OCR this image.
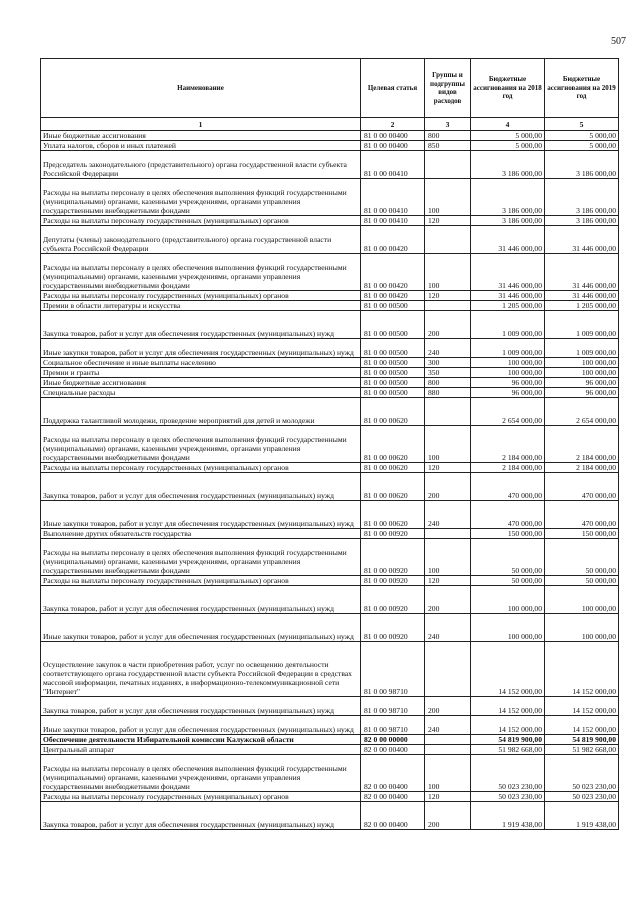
507
Наименование	Целевая статья	Группы и подгруппы видов расходов	Бюджетные ассигнования на 2018 год	Бюджетные ассигнования на 2019 год
1	2	3	4	5
Иные бюджетные ассигнования	81 0 00 00400	800	5 000,00	5 000,00
Уплата налогов, сборов и иных платежей	81 0 00 00400	850	5 000,00	5 000,00
Председатель законодательного (представительного) органа государственной власти субъекта Российской Федерации	81 0 00 00410		3 186 000,00	3 186 000,00
Расходы на выплаты персоналу в целях обеспечения выполнения функций государственными (муниципальными) органами, казенными учреждениями, органами управления государственными внебюджетными фондами	81 0 00 00410	100	3 186 000,00	3 186 000,00
Расходы на выплаты персоналу государственных (муниципальных) органов	81 0 00 00410	120	3 186 000,00	3 186 000,00
Депутаты (члены) законодательного (представительного) органа государственной власти субъекта Российской Федерации	81 0 00 00420		31 446 000,00	31 446 000,00
Расходы на выплаты персоналу в целях обеспечения выполнения функций государственными (муниципальными) органами, казенными учреждениями, органами управления государственными внебюджетными фондами	81 0 00 00420	100	31 446 000,00	31 446 000,00
Расходы на выплаты персоналу государственных (муниципальных) органов	81 0 00 00420	120	31 446 000,00	31 446 000,00
Премии в области литературы и искусства	81 0 00 00500		1 205 000,00	1 205 000,00
Закупка товаров, работ и услуг для обеспечения государственных (муниципальных) нужд	81 0 00 00500	200	1 009 000,00	1 009 000,00
Иные закупки товаров, работ и услуг для обеспечения государственных (муниципальных) нужд	81 0 00 00500	240	1 009 000,00	1 009 000,00
Социальное обеспечение и иные выплаты населению	81 0 00 00500	300	100 000,00	100 000,00
Премии и гранты	81 0 00 00500	350	100 000,00	100 000,00
Иные бюджетные ассигнования	81 0 00 00500	800	96 000,00	96 000,00
Специальные расходы	81 0 00 00500	880	96 000,00	96 000,00
Поддержка талантливой молодежи, проведение мероприятий для детей и молодежи	81 0 00 00620		2 654 000,00	2 654 000,00
Расходы на выплаты персоналу в целях обеспечения выполнения функций государственными (муниципальными) органами, казенными учреждениями, органами управления государственными внебюджетными фондами	81 0 00 00620	100	2 184 000,00	2 184 000,00
Расходы на выплаты персоналу государственных (муниципальных) органов	81 0 00 00620	120	2 184 000,00	2 184 000,00
Закупка товаров, работ и услуг для обеспечения государственных (муниципальных) нужд	81 0 00 00620	200	470 000,00	470 000,00
Иные закупки товаров, работ и услуг для обеспечения государственных (муниципальных) нужд	81 0 00 00620	240	470 000,00	470 000,00
Выполнение других обязательств государства	81 0 00 00920		150 000,00	150 000,00
Расходы на выплаты персоналу в целях обеспечения выполнения функций государственными (муниципальными) органами, казенными учреждениями, органами управления государственными внебюджетными фондами	81 0 00 00920	100	50 000,00	50 000,00
Расходы на выплаты персоналу государственных (муниципальных) органов	81 0 00 00920	120	50 000,00	50 000,00
Закупка товаров, работ и услуг для обеспечения государственных (муниципальных) нужд	81 0 00 00920	200	100 000,00	100 000,00
Иные закупки товаров, работ и услуг для обеспечения государственных (муниципальных) нужд	81 0 00 00920	240	100 000,00	100 000,00
Осуществление закупок в части приобретения работ, услуг по освещению деятельности соответствующего органа государственной власти субъекта Российской Федерации в средствах массовой информации, печатных изданиях, в информационно-телекоммуникационной сети "Интернет"	81 0 00 98710		14 152 000,00	14 152 000,00
Закупка товаров, работ и услуг для обеспечения государственных (муниципальных) нужд	81 0 00 98710	200	14 152 000,00	14 152 000,00
Иные закупки товаров, работ и услуг для обеспечения государственных (муниципальных) нужд	81 0 00 98710	240	14 152 000,00	14 152 000,00
Обеспечение деятельности Избирательной комиссии Калужской области	82 0 00 00000		54 819 900,00	54 819 900,00
Центральный аппарат	82 0 00 00400		51 982 668,00	51 982 668,00
Расходы на выплаты персоналу в целях обеспечения выполнения функций государственными (муниципальными) органами, казенными учреждениями, органами управления государственными внебюджетными фондами	82 0 00 00400	100	50 023 230,00	50 023 230,00
Расходы на выплаты персоналу государственных (муниципальных) органов	82 0 00 00400	120	50 023 230,00	50 023 230,00
Закупка товаров, работ и услуг для обеспечения государственных (муниципальных) нужд	82 0 00 00400	200	1 919 438,00	1 919 438,00
